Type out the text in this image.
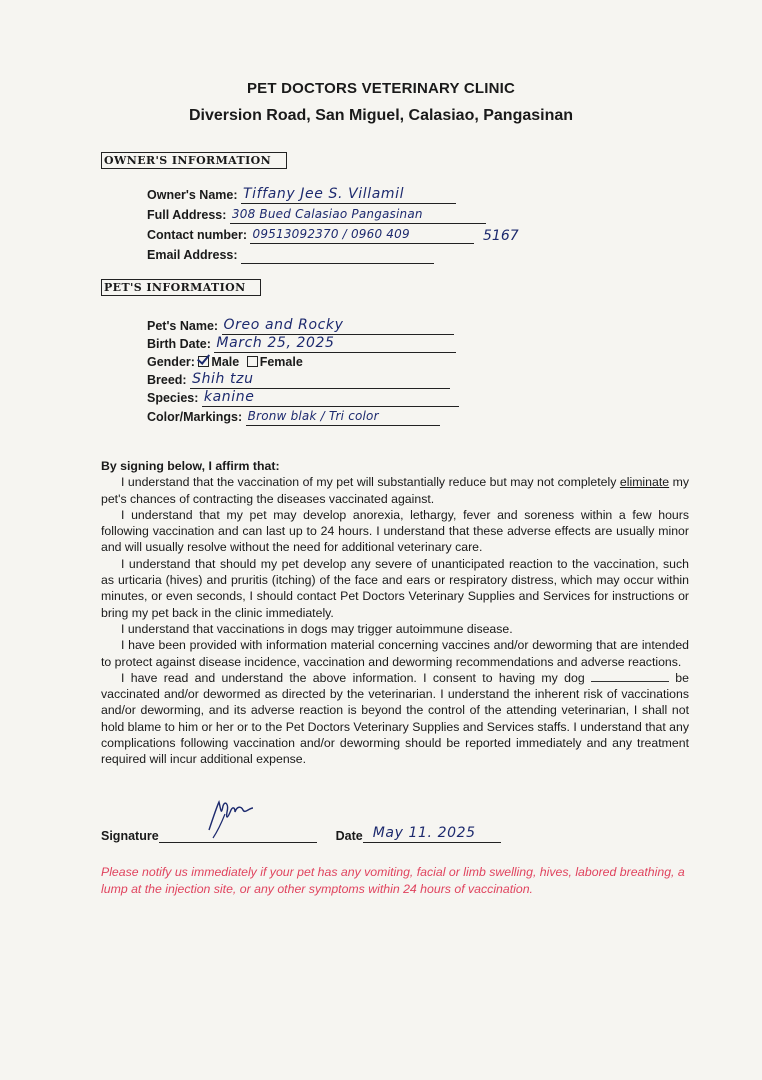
PET DOCTORS VETERINARY CLINIC
Diversion Road, San Miguel, Calasiao, Pangasinan
OWNER'S INFORMATION
Owner's Name: Tiffany Jee S. Villamil
Full Address: 308 Bued Calasiao Pangasinan
Contact number: 09513092370 / 0960 409	5167
Email Address:
PET'S INFORMATION
Pet's Name: Oreo and Rocky
Birth Date: March 25, 2025
Gender: Male Female
Breed: Shih tzu
Species: kanine
Color/Markings: Bronw blak / Tri color
By signing below, I affirm that:

I understand that the vaccination of my pet will substantially reduce but may not completely eliminate my pet's chances of contracting the diseases vaccinated against.

I understand that my pet may develop anorexia, lethargy, fever and soreness within a few hours following vaccination and can last up to 24 hours. I understand that these adverse effects are usually minor and will usually resolve without the need for additional veterinary care.

I understand that should my pet develop any severe of unanticipated reaction to the vaccination, such as urticaria (hives) and pruritis (itching) of the face and ears or respiratory distress, which may occur within minutes, or even seconds, I should contact Pet Doctors Veterinary Supplies and Services for instructions or bring my pet back in the clinic immediately.

I understand that vaccinations in dogs may trigger autoimmune disease.

I have been provided with information material concerning vaccines and/or deworming that are intended to protect against disease incidence, vaccination and deworming recommendations and adverse reactions.

I have read and understand the above information. I consent to having my dog	be vaccinated and/or dewormed as directed by the veterinarian. I understand the inherent risk of vaccinations and/or deworming, and its adverse reaction is beyond the control of the attending veterinarian, I shall not hold blame to him or her or to the Pet Doctors Veterinary Supplies and Services staffs. I understand that any complications following vaccination and/or deworming should be reported immediately and any treatment required will incur additional expense.

Signature	Date May 11. 2025
Please notify us immediately if your pet has any vomiting, facial or limb swelling, hives, labored breathing, a lump at the injection site, or any other symptoms within 24 hours of vaccination.
